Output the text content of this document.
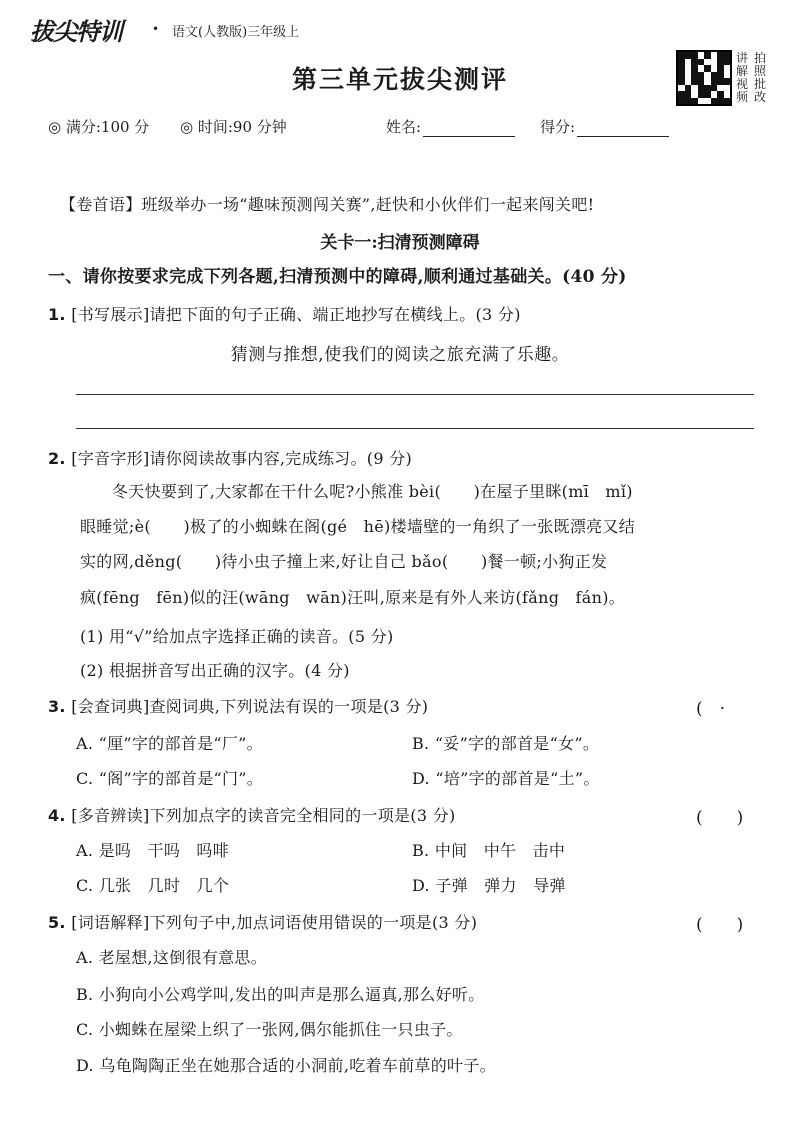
拔尖特训	• 语文(人教版)三年级上
第三单元拔尖测评
讲 拍
解 照
视 批
频 改
◎ 满分:100 分 ◎ 时间:90 分钟	姓名:	得分:
【卷首语】班级举办一场“趣味预测闯关赛”,赶快和小伙伴们一起来闯关吧!
关卡一:扫清预测障碍
一、请你按要求完成下列各题,扫清预测中的障碍,顺利通过基础关。(40 分)
1. [书写展示]请把下面的句子正确、端正地抄写在横线上。(3 分)
猜测与推想,使我们的阅读之旅充满了乐趣。
2. [字音字形]请你阅读故事内容,完成练习。(9 分)
冬天快要到了,大家都在干什么呢?小熊准 bèi(　　)在屋子里眯(mī　mǐ)
眼睡觉;è(　　)极了的小蜘蛛在阁(gé　hē)楼墙壁的一角织了一张既漂亮又结
实的网,děng(　　)待小虫子撞上来,好让自己 bǎo(　　)餐一顿;小狗正发
疯(fēng　fēn)似的汪(wāng　wān)汪叫,原来是有外人来访(fǎng　fán)。
(1) 用“√”给加点字选择正确的读音。(5 分)
(2) 根据拼音写出正确的汉字。(4 分)
3. [会查词典]查阅词典,下列说法有误的一项是(3 分)	(　·
A. “厘”字的部首是“厂”。	B. “妥”字的部首是“女”。
C. “阁”字的部首是“门”。	D. “培”字的部首是“土”。
4. [多音辨读]下列加点字的读音完全相同的一项是(3 分)	(　　)
A. 是吗　干吗　吗啡	B. 中间　中午　击中
C. 几张　几时　几个	D. 子弹　弹力　导弹
5. [词语解释]下列句子中,加点词语使用错误的一项是(3 分)	(　　)
A. 老屋想,这倒很有意思。
B. 小狗向小公鸡学叫,发出的叫声是那么逼真,那么好听。
C. 小蜘蛛在屋梁上织了一张网,偶尔能抓住一只虫子。
D. 乌龟陶陶正坐在她那合适的小洞前,吃着车前草的叶子。
